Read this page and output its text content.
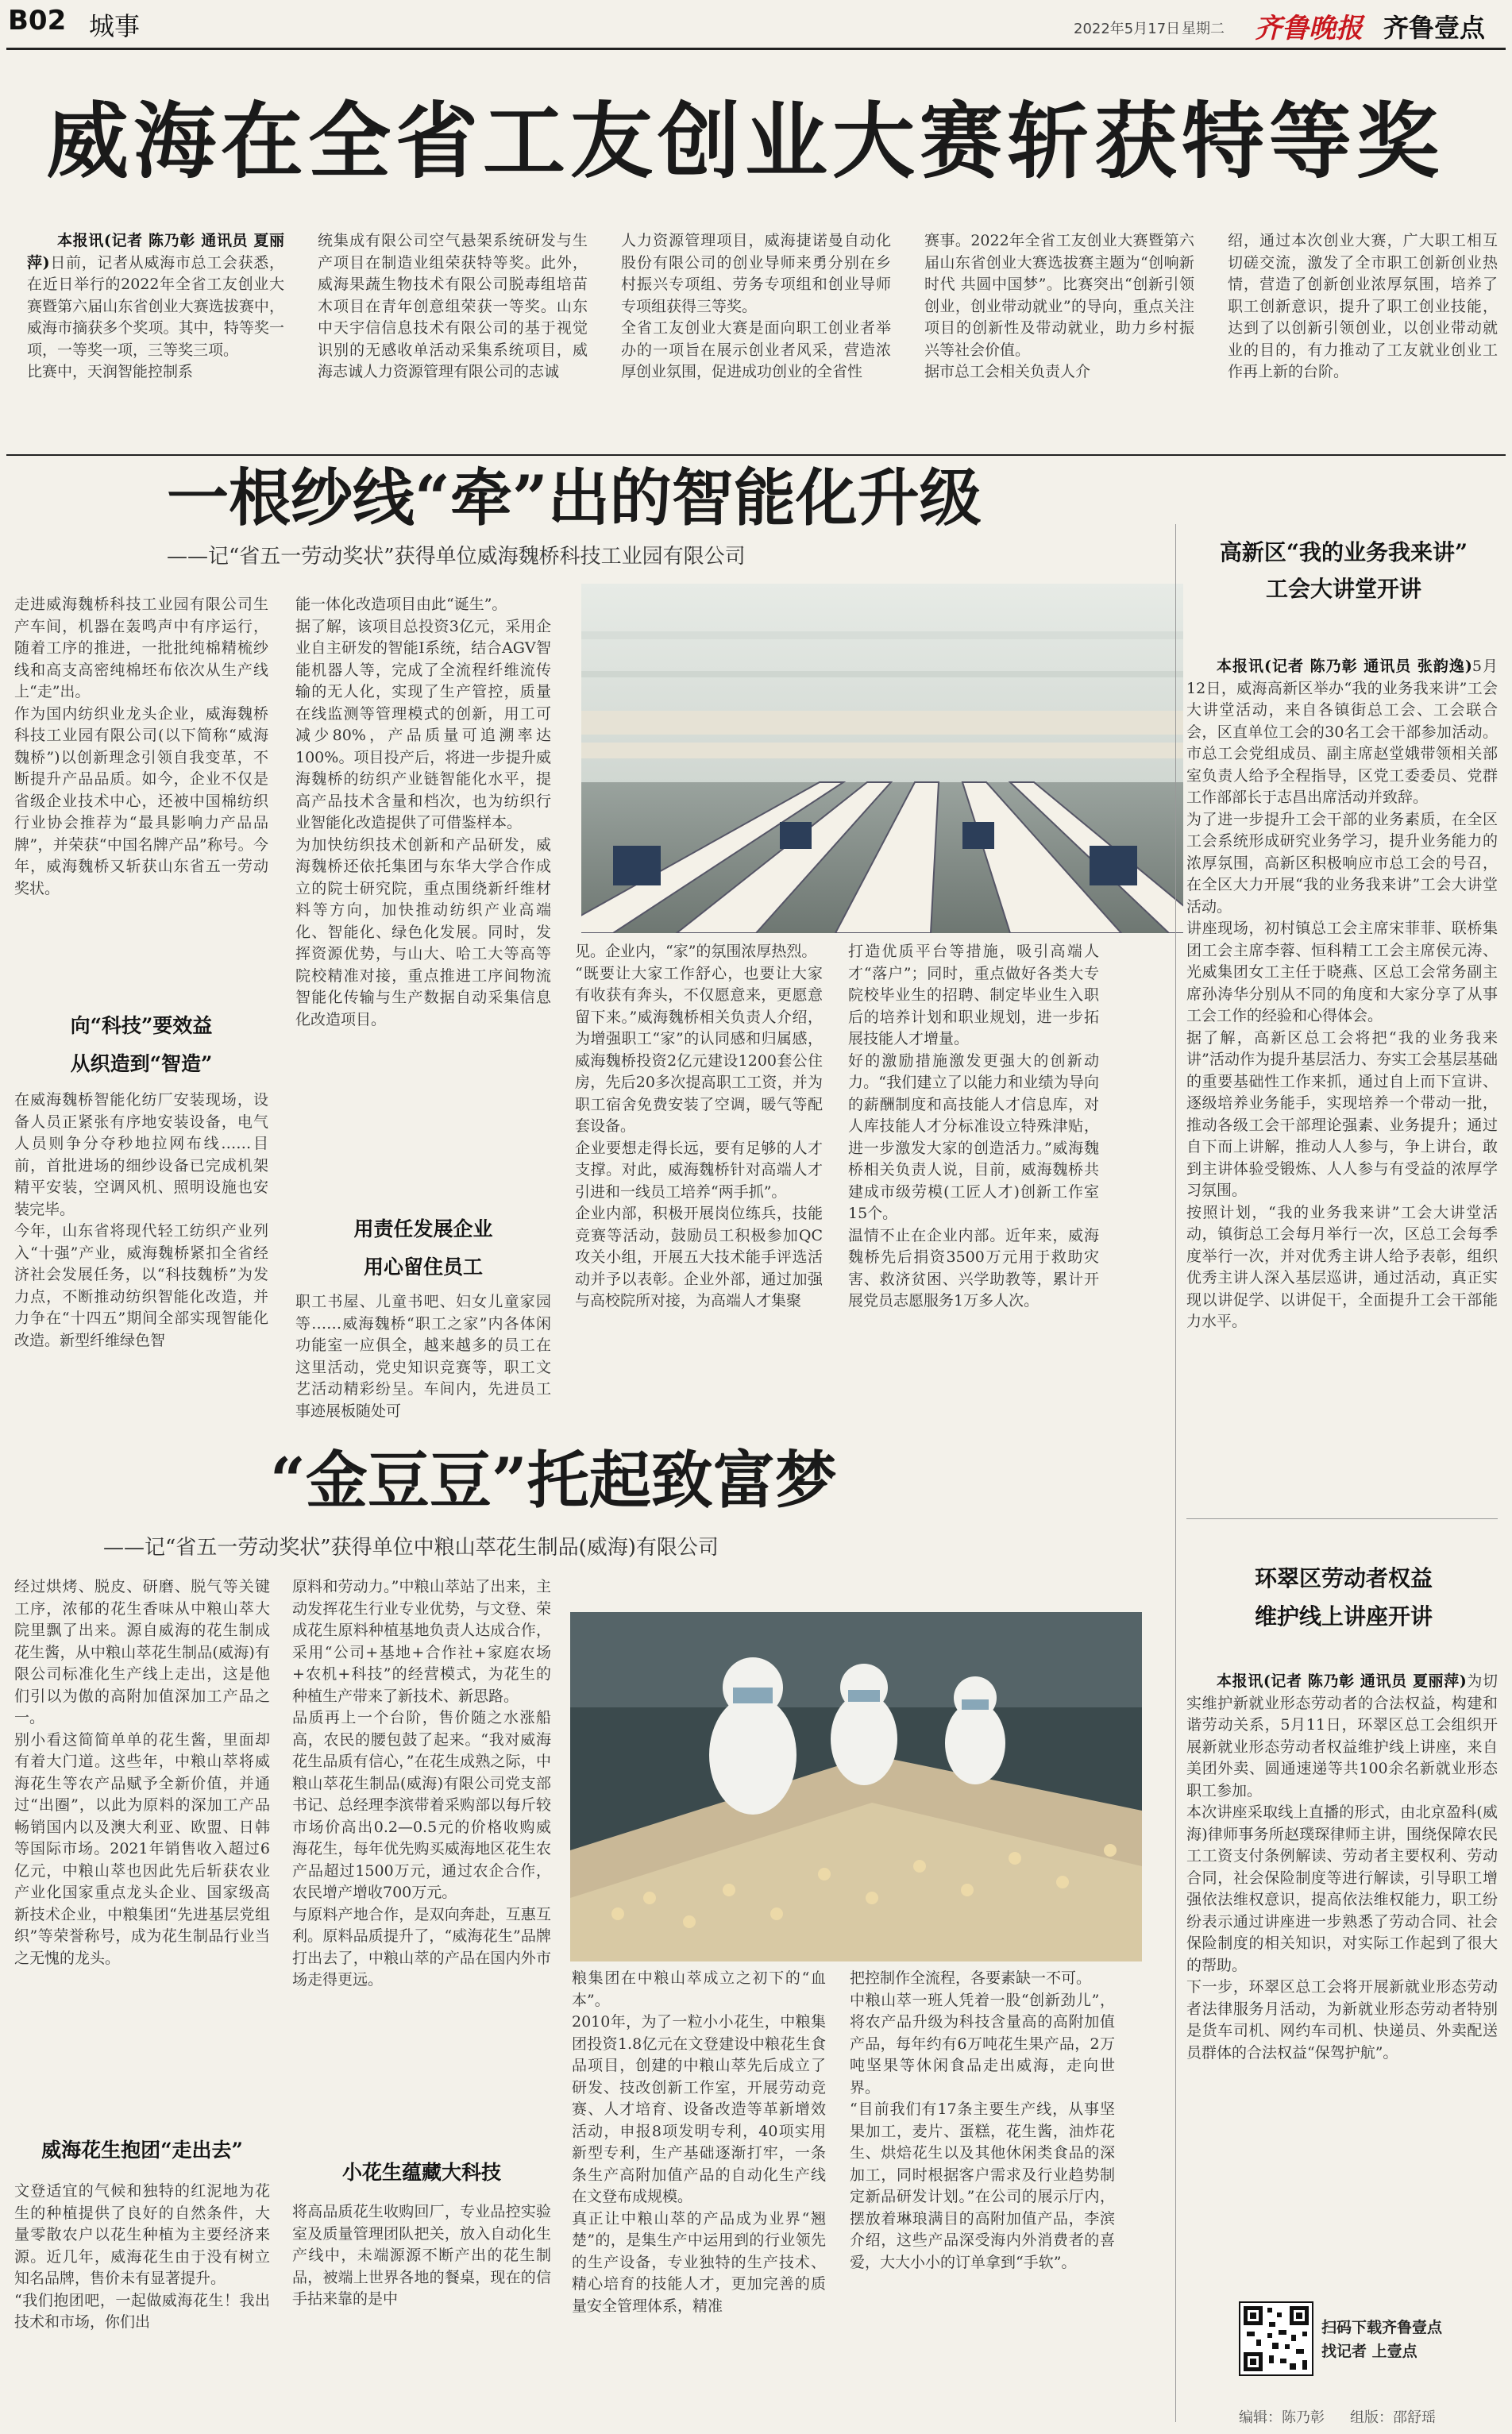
B02 城事	2022年5月17日 星期二 齐鲁晚报 齐鲁壹点
威海在全省工友创业大赛斩获特等奖

本报讯(记者 陈乃彰 通讯员 夏丽萍)日前，记者从威海市总工会获悉，在近日举行的2022年全省工友创业大赛暨第六届山东省创业大赛选拔赛中，威海市摘获多个奖项。其中，特等奖一项，一等奖一项，三等奖三项。
比赛中，天润智能控制系

统集成有限公司空气悬架系统研发与生产项目在制造业组荣获特等奖。此外，威海果蔬生物技术有限公司脱毒组培苗木项目在青年创意组荣获一等奖。山东中天宇信信息技术有限公司的基于视觉识别的无感收单活动采集系统项目，威海志诚人力资源管理有限公司的志诚
人力资源管理项目，威海捷诺曼自动化股份有限公司的创业导师来勇分别在乡村振兴专项组、劳务专项组和创业导师专项组获得三等奖。
全省工友创业大赛是面向职工创业者举办的一项旨在展示创业者风采，营造浓厚创业氛围，促进成功创业的全省性
赛事。2022年全省工友创业大赛暨第六届山东省创业大赛选拔赛主题为“创响新时代 共圆中国梦”。比赛突出“创新引领创业，创业带动就业”的导向，重点关注项目的创新性及带动就业，助力乡村振兴等社会价值。
据市总工会相关负责人介
绍，通过本次创业大赛，广大职工相互切磋交流，激发了全市职工创新创业热情，营造了创新创业浓厚氛围，培养了职工创新意识，提升了职工创业技能，达到了以创新引领创业，以创业带动就业的目的，有力推动了工友就业创业工作再上新的台阶。
一根纱线“牵”出的智能化升级
——记“省五一劳动奖状”获得单位威海魏桥科技工业园有限公司
走进威海魏桥科技工业园有限公司生产车间，机器在轰鸣声中有序运行，随着工序的推进，一批批纯棉精梳纱线和高支高密纯棉坯布依次从生产线上“走”出。
作为国内纺织业龙头企业，威海魏桥科技工业园有限公司(以下简称“威海魏桥”)以创新理念引领自我变革，不断提升产品品质。如今，企业不仅是省级企业技术中心，还被中国棉纺织行业协会推荐为“最具影响力产品品牌”，并荣获“中国名牌产品”称号。今年，威海魏桥又斩获山东省五一劳动奖状。
向“科技”要效益
从织造到“智造”
在威海魏桥智能化纺厂安装现场，设备人员正紧张有序地安装设备，电气人员则争分夺秒地拉网布线……目前，首批进场的细纱设备已完成机架精平安装，空调风机、照明设施也安装完毕。
今年，山东省将现代轻工纺织产业列入“十强”产业，威海魏桥紧扣全省经济社会发展任务，以“科技魏桥”为发力点，不断推动纺织智能化改造，并力争在“十四五”期间全部实现智能化改造。新型纤维绿色智
能一体化改造项目由此“诞生”。
据了解，该项目总投资3亿元，采用企业自主研发的智能I系统，结合AGV智能机器人等，完成了全流程纤维流传输的无人化，实现了生产管控，质量在线监测等管理模式的创新，用工可减少80%，产品质量可追溯率达100%。项目投产后，将进一步提升威海魏桥的纺织产业链智能化水平，提高产品技术含量和档次，也为纺织行业智能化改造提供了可借鉴样本。
为加快纺织技术创新和产品研发，威海魏桥还依托集团与东华大学合作成立的院士研究院，重点围绕新纤维材料等方向，加快推动纺织产业高端化、智能化、绿色化发展。同时，发挥资源优势，与山大、哈工大等高等院校精准对接，重点推进工序间物流智能化传输与生产数据自动采集信息化改造项目。
用责任发展企业
用心留住员工
职工书屋、儿童书吧、妇女儿童家园等……威海魏桥“职工之家”内各体闲功能室一应俱全，越来越多的员工在这里活动，党史知识竞赛等，职工文艺活动精彩纷呈。车间内，先进员工事迹展板随处可
见。企业内，“家”的氛围浓厚热烈。
“既要让大家工作舒心，也要让大家有收获有奔头，不仅愿意来，更愿意留下来。”威海魏桥相关负责人介绍，为增强职工“家”的认同感和归属感，威海魏桥投资2亿元建设1200套公住房，先后20多次提高职工工资，并为职工宿舍免费安装了空调，暖气等配套设备。
企业要想走得长远，要有足够的人才支撑。对此，威海魏桥针对高端人才引进和一线员工培养“两手抓”。
企业内部，积极开展岗位练兵，技能竞赛等活动，鼓励员工积极参加QC攻关小组，开展五大技术能手评选活动并予以表彰。企业外部，通过加强与高校院所对接，为高端人才集聚
打造优质平台等措施，吸引高端人才“落户”；同时，重点做好各类大专院校毕业生的招聘、制定毕业生入职后的培养计划和职业规划，进一步拓展技能人才增量。
好的激励措施激发更强大的创新动力。“我们建立了以能力和业绩为导向的薪酬制度和高技能人才信息库，对人库技能人才分标准设立特殊津贴，进一步激发大家的创造活力。”威海魏桥相关负责人说，目前，威海魏桥共建成市级劳模(工匠人才)创新工作室15个。
温情不止在企业内部。近年来，威海魏桥先后捐资3500万元用于救助灾害、救济贫困、兴学助教等，累计开展党员志愿服务1万多人次。
高新区“我的业务我来讲”
工会大讲堂开讲

本报讯(记者 陈乃彰 通讯员 张韵逸)5月12日，威海高新区举办“我的业务我来讲”工会大讲堂活动，来自各镇街总工会、工会联合会，区直单位工会的30名工会干部参加活动。市总工会党组成员、副主席赵堂娥带领相关部室负责人给予全程指导，区党工委委员、党群工作部部长于志昌出席活动并致辞。
为了进一步提升工会干部的业务素质，在全区工会系统形成研究业务学习，提升业务能力的浓厚氛围，高新区积极响应市总工会的号召，在全区大力开展“我的业务我来讲”工会大讲堂活动。
讲座现场，初村镇总工会主席宋菲菲、联桥集团工会主席李蓉、恒科精工工会主席侯元涛、光威集团女工主任于晓燕、区总工会常务副主席孙涛华分别从不同的角度和大家分享了从事工会工作的经验和心得体会。
据了解，高新区总工会将把“我的业务我来讲”活动作为提升基层活力、夯实工会基层基础的重要基础性工作来抓，通过自上而下宣讲、逐级培养业务能手，实现培养一个带动一批，推动各级工会干部理论强素、业务提升；通过自下而上讲解，推动人人参与，争上讲台，敢到主讲体验受锻炼、人人参与有受益的浓厚学习氛围。
按照计划，“我的业务我来讲”工会大讲堂活动，镇街总工会每月举行一次，区总工会每季度举行一次，并对优秀主讲人给予表彰，组织优秀主讲人深入基层巡讲，通过活动，真正实现以讲促学、以讲促干，全面提升工会干部能力水平。

“金豆豆”托起致富梦
——记“省五一劳动奖状”获得单位中粮山萃花生制品(威海)有限公司
经过烘烤、脱皮、研磨、脱气等关键工序，浓郁的花生香味从中粮山萃大院里飘了出来。源自威海的花生制成花生酱，从中粮山萃花生制品(威海)有限公司标准化生产线上走出，这是他们引以为傲的高附加值深加工产品之一。
别小看这简简单单的花生酱，里面却有着大门道。这些年，中粮山萃将威海花生等农产品赋予全新价值，并通过“出圈”，以此为原料的深加工产品畅销国内以及澳大利亚、欧盟、日韩等国际市场。2021年销售收入超过6亿元，中粮山萃也因此先后斩获农业产业化国家重点龙头企业、国家级高新技术企业，中粮集团“先进基层党组织”等荣誉称号，成为花生制品行业当之无愧的龙头。
威海花生抱团“走出去”
文登适宜的气候和独特的红泥地为花生的种植提供了良好的自然条件，大量零散农户以花生种植为主要经济来源。近几年，威海花生由于没有树立知名品牌，售价未有显著提升。
“我们抱团吧，一起做威海花生！我出技术和市场，你们出
原料和劳动力。”中粮山萃站了出来，主动发挥花生行业专业优势，与文登、荣成花生原料种植基地负责人达成合作，采用“公司+基地+合作社+家庭农场+农机+科技”的经营模式，为花生的种植生产带来了新技术、新思路。
品质再上一个台阶，售价随之水涨船高，农民的腰包鼓了起来。“我对威海花生品质有信心，”在花生成熟之际，中粮山萃花生制品(威海)有限公司党支部书记、总经理李滨带着采购部以每斤较市场价高出0.2—0.5元的价格收购威海花生，每年优先购买威海地区花生农产品超过1500万元，通过农企合作，农民增产增收700万元。
与原料产地合作，是双向奔赴，互惠互利。原料品质提升了，“威海花生”品牌打出去了，中粮山萃的产品在国内外市场走得更远。
小花生蕴藏大科技
将高品质花生收购回厂，专业品控实验室及质量管理团队把关，放入自动化生产线中，未端源源不断产出的花生制品，被端上世界各地的餐桌，现在的信手拈来靠的是中
粮集团在中粮山萃成立之初下的“血本”。
2010年，为了一粒小小花生，中粮集团投资1.8亿元在文登建设中粮花生食品项目，创建的中粮山萃先后成立了研发、技改创新工作室，开展劳动竞赛、人才培育、设备改造等革新增效活动，申报8项发明专利，40项实用新型专利，生产基础逐渐打牢，一条条生产高附加值产品的自动化生产线在文登布成规模。
真正让中粮山萃的产品成为业界“翘楚”的，是集生产中运用到的行业领先的生产设备，专业独特的生产技术、精心培育的技能人才，更加完善的质量安全管理体系，精准
把控制作全流程，各要素缺一不可。
中粮山萃一班人凭着一股“创新劲儿”，将农产品升级为科技含量高的高附加值产品，每年约有6万吨花生果产品，2万吨坚果等休闲食品走出威海，走向世界。
“目前我们有17条主要生产线，从事坚果加工，麦片、蛋糕，花生酱，油炸花生、烘焙花生以及其他休闲类食品的深加工，同时根据客户需求及行业趋势制定新品研发计划。”在公司的展示厅内，摆放着琳琅满目的高附加值产品，李滨介绍，这些产品深受海内外消费者的喜爱，大大小小的订单拿到“手软”。
环翠区劳动者权益
维护线上讲座开讲

本报讯(记者 陈乃彰 通讯员 夏丽萍)为切实维护新就业形态劳动者的合法权益，构建和谐劳动关系，5月11日，环翠区总工会组织开展新就业形态劳动者权益维护线上讲座，来自美团外卖、圆通速递等共100余名新就业形态职工参加。
本次讲座采取线上直播的形式，由北京盈科(威海)律师事务所赵璞琛律师主讲，围绕保障农民工工资支付条例解读、劳动者主要权利、劳动合同，社会保险制度等进行解读，引导职工增强依法维权意识，提高依法维权能力，职工纷纷表示通过讲座进一步熟悉了劳动合同、社会保险制度的相关知识，对实际工作起到了很大的帮助。
下一步，环翠区总工会将开展新就业形态劳动者法律服务月活动，为新就业形态劳动者特别是货车司机、网约车司机、快递员、外卖配送员群体的合法权益“保驾护航”。

扫码下载齐鲁壹点
找记者 上壹点
编辑：陈乃彰 组版：邵舒瑶
